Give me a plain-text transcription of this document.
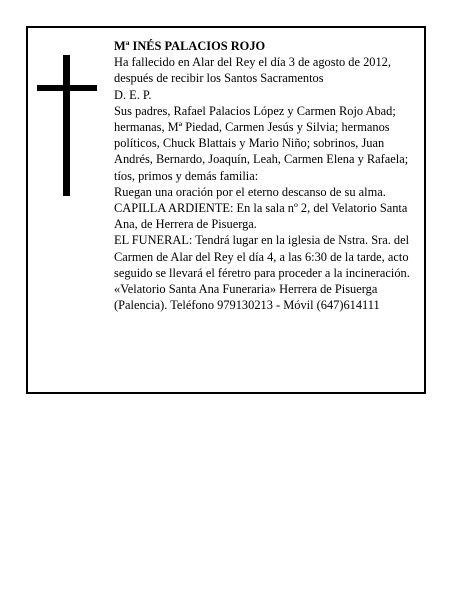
Mª INÉS PALACIOS ROJO

Ha fallecido en Alar del Rey el día 3 de agosto de 2012, después de recibir los Santos Sacramentos

D. E. P.

Sus padres, Rafael Palacios López y Carmen Rojo Abad; hermanas, Mª Piedad, Carmen Jesús y Silvia; hermanos políticos, Chuck Blattais y Mario Niño; sobrinos, Juan Andrés, Bernardo, Joaquín, Leah, Carmen Elena y Rafaela; tíos, primos y demás familia:

Ruegan una oración por el eterno descanso de su alma.

CAPILLA ARDIENTE: En la sala nº 2, del Velatorio Santa Ana, de Herrera de Pisuerga.

EL FUNERAL: Tendrá lugar en la iglesia de Nstra. Sra. del Carmen de Alar del Rey el día 4, a las 6:30 de la tarde, acto seguido se llevará el féretro para proceder a la incineración.

«Velatorio Santa Ana Funeraria» Herrera de Pisuerga (Palencia). Teléfono 979130213 - Móvil (647)614111
